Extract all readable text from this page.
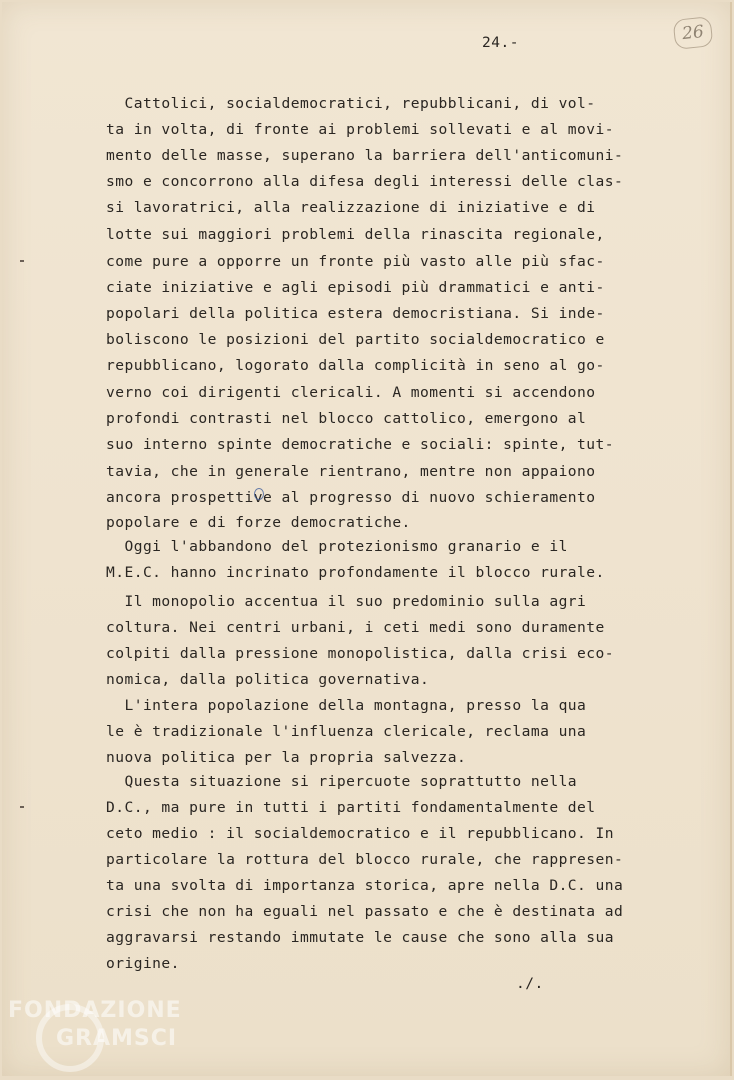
24.-	26
Cattolici, socialdemocratici, repubblicani, di vol-
ta in volta, di fronte ai problemi sollevati e al movi-
mento delle masse, superano la barriera dell'anticomuni-
smo e concorrono alla difesa degli interessi delle clas-
si lavoratrici, alla realizzazione di iniziative e di
lotte sui maggiori problemi della rinascita regionale,
come pure a opporre un fronte più vasto alle più sfac-
ciate iniziative e agli episodi più drammatici e anti-
popolari della politica estera democristiana. Si inde-
boliscono le posizioni del partito socialdemocratico e
repubblicano, logorato dalla complicità in seno al go-
verno coi dirigenti clericali. A momenti si accendono
profondi contrasti nel blocco cattolico, emergono al
suo interno spinte democratiche e sociali: spinte, tut-
tavia, che in generale rientrano, mentre non appaiono
ancora prospettive al progresso di nuovo schieramento
popolare e di forze democratiche.
Oggi l'abbandono del protezionismo granario e il
M.E.C. hanno incrinato profondamente il blocco rurale.
Il monopolio accentua il suo predominio sulla agri
coltura. Nei centri urbani, i ceti medi sono duramente
colpiti dalla pressione monopolistica, dalla crisi eco-
nomica, dalla politica governativa.
L'intera popolazione della montagna, presso la qua
le è tradizionale l'influenza clericale, reclama una
nuova politica per la propria salvezza.
Questa situazione si ripercuote soprattutto nella
D.C., ma pure in tutti i partiti fondamentalmente del
ceto medio : il socialdemocratico e il repubblicano. In
particolare la rottura del blocco rurale, che rappresen-
ta una svolta di importanza storica, apre nella D.C. una
crisi che non ha eguali nel passato e che è destinata ad
aggravarsi restando immutate le cause che sono alla sua
origine.
./.
FONDAZIONE
GRAMSCI
